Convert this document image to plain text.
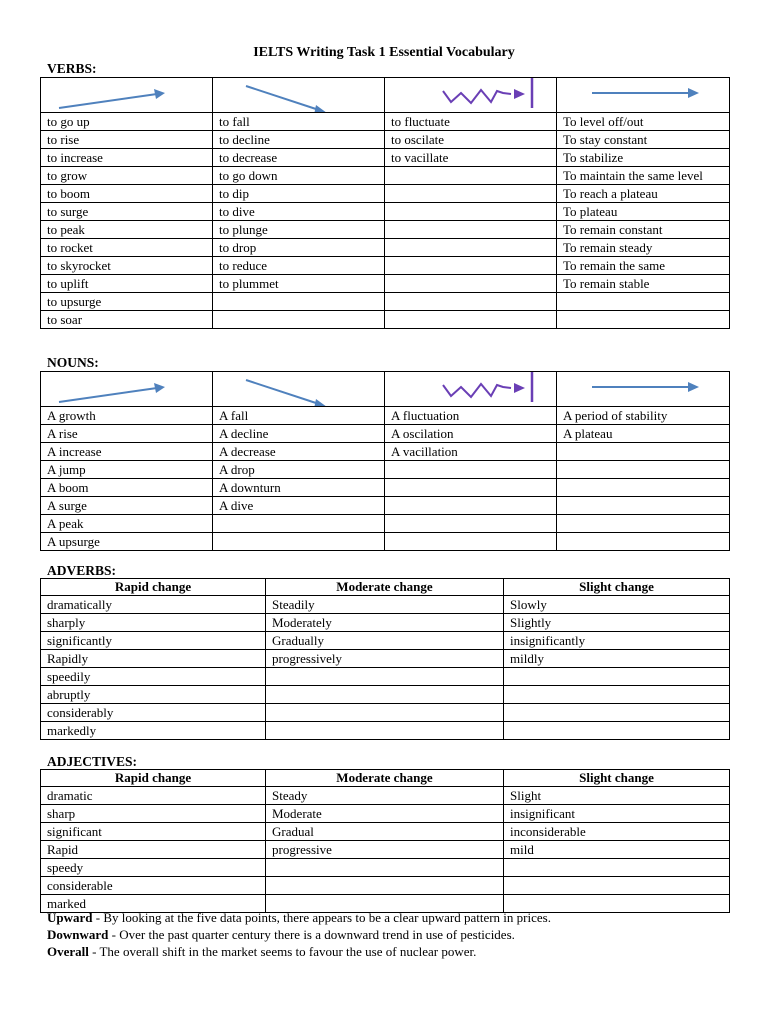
IELTS Writing Task 1 Essential Vocabulary
VERBS:

to go up	to fall	to fluctuate	To level off/out
to rise	to decline	to oscilate	To stay constant
to increase	to decrease	to vacillate	To stabilize
to grow	to go down		To maintain the same level
to boom	to dip		To reach a plateau
to surge	to dive		To plateau
to peak	to plunge		To remain constant
to rocket	to drop		To remain steady
to skyrocket	to reduce		To remain the same
to uplift	to plummet		To remain stable
to upsurge			
to soar			
NOUNS:

A growth	A fall	A fluctuation	A period of stability
A rise	A decline	A oscilation	A plateau
A increase	A decrease	A vacillation	
A jump	A drop		
A boom	A downturn		
A surge	A dive		
A peak			
A upsurge			
ADVERBS:
Rapid change	Moderate change	Slight change
dramatically	Steadily	Slowly
sharply	Moderately	Slightly
significantly	Gradually	insignificantly
Rapidly	progressively	mildly
speedily		
abruptly		
considerably		
markedly		
ADJECTIVES:
Rapid change	Moderate change	Slight change
dramatic	Steady	Slight
sharp	Moderate	insignificant
significant	Gradual	inconsiderable
Rapid	progressive	mild
speedy		
considerable		
marked		
Upward - By looking at the five data points, there appears to be a clear upward pattern in prices.
Downward - Over the past quarter century there is a downward trend in use of pesticides.
Overall - The overall shift in the market seems to favour the use of nuclear power.
